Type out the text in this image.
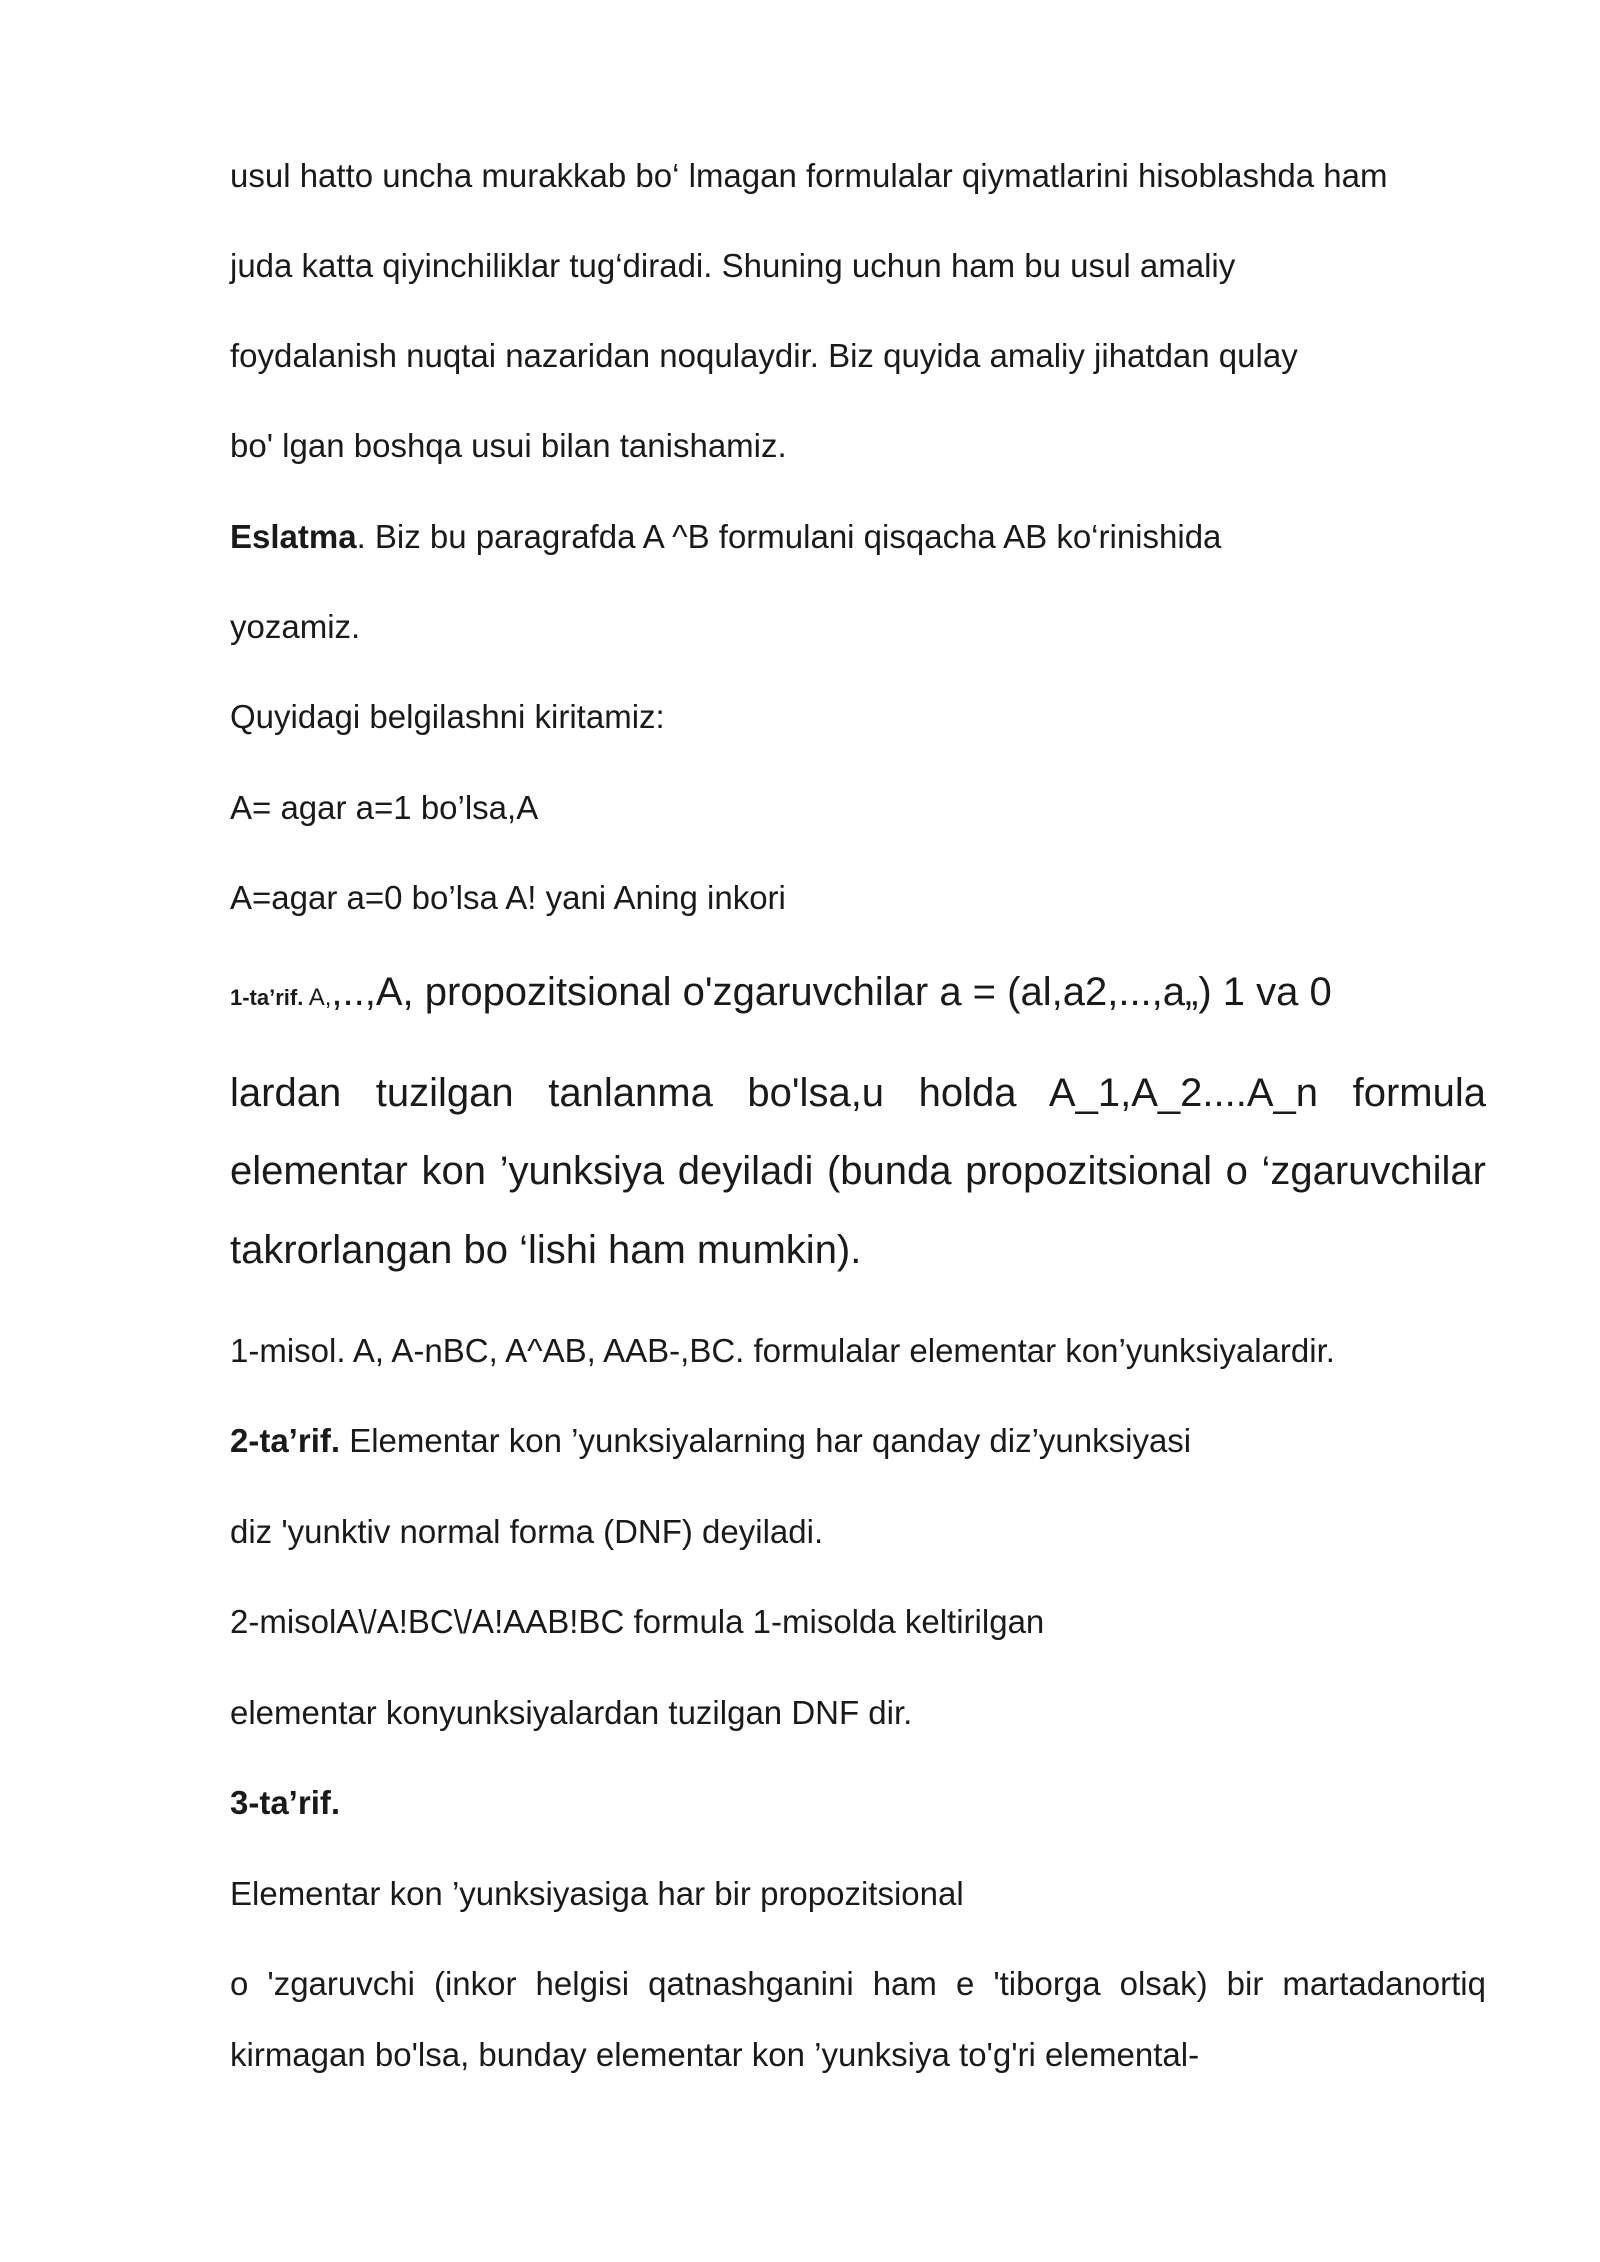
usul hatto uncha murakkab bo‘ lmagan formulalar qiymatlarini hisoblashda ham

juda katta qiyinchiliklar tug‘diradi. Shuning uchun ham bu usul amaliy

foydalanish nuqtai nazaridan noqulaydir. Biz quyida amaliy jihatdan qulay

bo' lgan boshqa usui bilan tanishamiz.

Eslatma. Biz bu paragrafda A ^B formulani qisqacha AB ko‘rinishida

yozamiz.

Quyidagi belgilashni kiritamiz:

A= agar a=1 bo’lsa,A

A=agar a=0 bo’lsa A! yani Aning inkori

1-ta’rif. A,,..,A, propozitsional o'zgaruvchilar a = (al,a2,...,a„) 1 va 0

lardan tuzilgan tanlanma bo'lsa,u holda A_1,A_2....A_n formula

elementar kon ’yunksiya deyiladi (bunda propozitsional o ‘zgaruvchilar

takrorlangan bo ‘lishi ham mumkin).

1-misol. A, A-nBC, A^AB, AAB-,BC. formulalar elementar kon’yunksiyalardir.

2-ta’rif. Elementar kon ’yunksiyalarning har qanday diz’yunksiyasi

diz 'yunktiv normal forma (DNF) deyiladi.

2-misolA\/A!BC\/A!AAB!BC formula 1-misolda keltirilgan

elementar konyunksiyalardan tuzilgan DNF dir.

3-ta’rif.

Elementar kon ’yunksiyasiga har bir propozitsional

o 'zgaruvchi (inkor helgisi qatnashganini ham e 'tiborga olsak) bir martadanortiq

kirmagan bo'lsa, bunday elementar kon ’yunksiya to'g'ri elemental-
